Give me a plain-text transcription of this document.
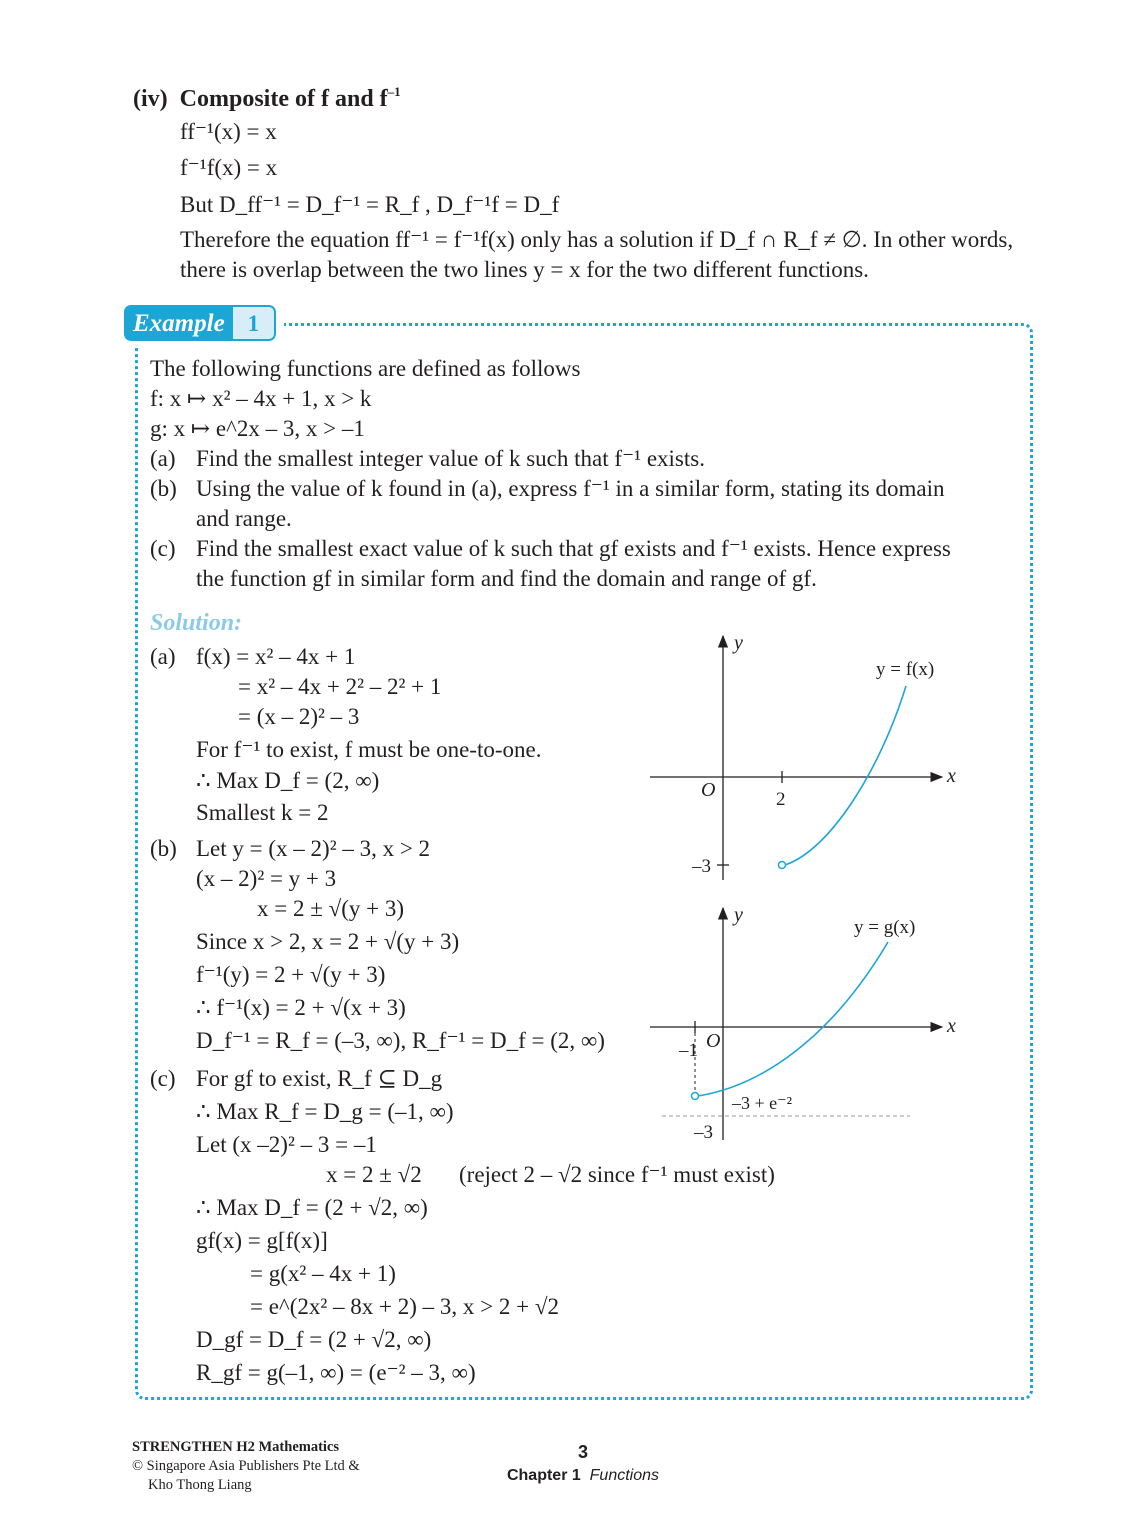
(iv) Composite of f and $f^{-1}$
ff⁻¹(x) = x
f⁻¹f(x) = x
But D_ff⁻¹ = D_f⁻¹ = R_f , D_f⁻¹f = D_f
Therefore the equation ff⁻¹ = f⁻¹f(x) only has a solution if D_f ∩ R_f ≠ ∅. In other words,
there is overlap between the two lines y = x for the two different functions.
Example	1
The following functions are defined as follows
f: x ↦ x² – 4x + 1, x > k
g: x ↦ e^2x – 3, x > –1
(a) Find the smallest integer value of k such that f⁻¹ exists.
(b) Using the value of k found in (a), express f⁻¹ in a similar form, stating its domain
and range.
(c) Find the smallest exact value of k such that gf exists and f⁻¹ exists. Hence express
the function gf in similar form and find the domain and range of gf.
Solution:
(a) f(x) = x² – 4x + 1
= x² – 4x + 2² – 2² + 1
= (x – 2)² – 3
For f⁻¹ to exist, f must be one-to-one.
∴ Max D_f = (2, ∞)
Smallest k = 2
(b) Let y = (x – 2)² – 3, x > 2
(x – 2)² = y + 3
x = 2 ± √(y + 3)
Since x > 2, x = 2 + √(y + 3)
f⁻¹(y) = 2 + √(y + 3)
∴ f⁻¹(x) = 2 + √(x + 3)
D_f⁻¹ = R_f = (–3, ∞), R_f⁻¹ = D_f = (2, ∞)
(c) For gf to exist, R_f ⊆ D_g
∴ Max R_f = D_g = (–1, ∞)
Let (x –2)² – 3 = –1
x = 2 ± √2 (reject 2 – √2 since f⁻¹ must exist)
∴ Max D_f = (2 + √2, ∞)
gf(x) = g[f(x)]
= g(x² – 4x + 1)
= e^(2x² – 8x + 2) – 3, x > 2 + √2
D_gf = D_f = (2 + √2, ∞)
R_gf = g(–1, ∞) = (e⁻² – 3, ∞)
y
x
O	2
–3
y = f(x)
y
x
O
–1
–3
–3 + e⁻²
y = g(x)
STRENGTHEN H2 Mathematics
© Singapore Asia Publishers Pte Ltd &
Kho Thong Liang
3
Chapter 1 Functions
